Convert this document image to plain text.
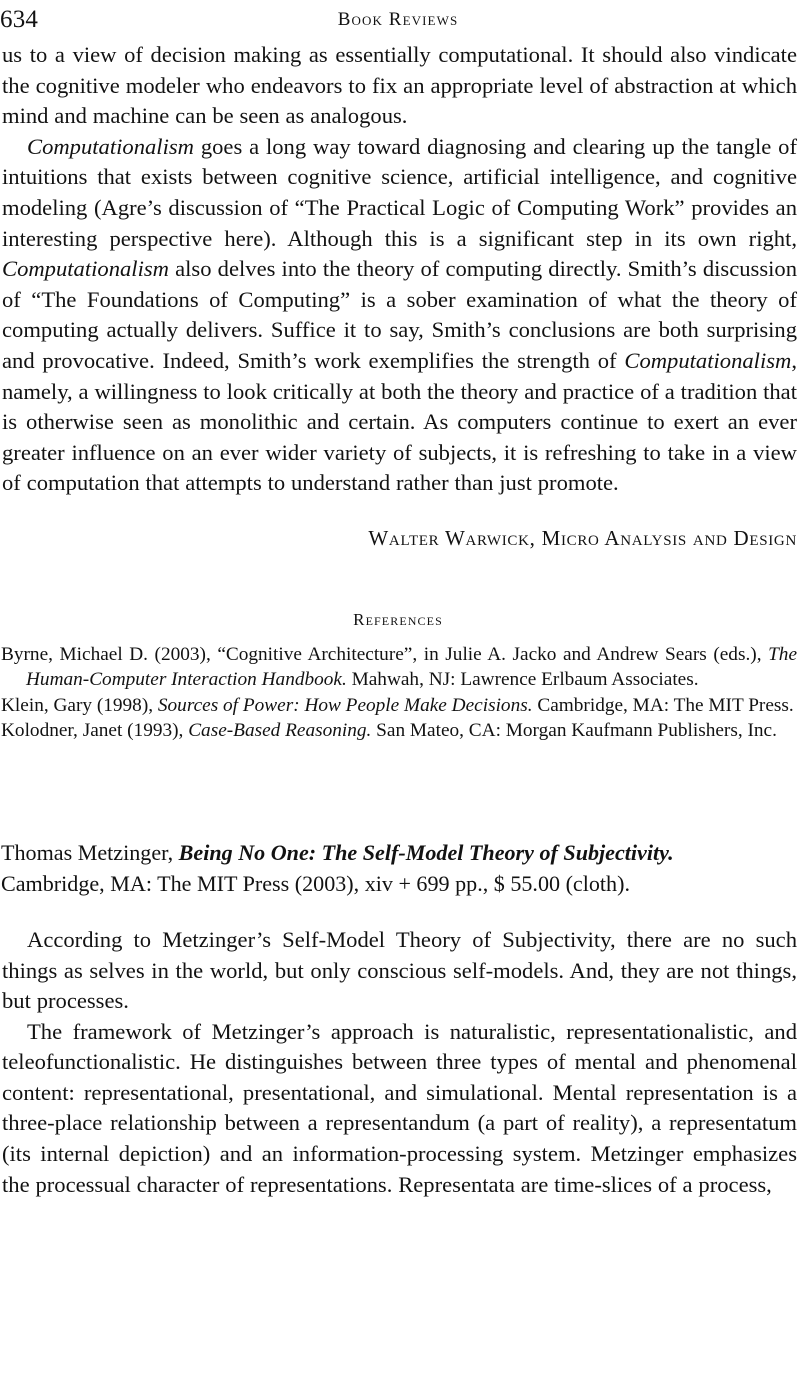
634	Book Reviews

us to a view of decision making as essentially computational. It should also vindicate the cognitive modeler who endeavors to fix an appropriate level of abstraction at which mind and machine can be seen as analogous.

Computationalism goes a long way toward diagnosing and clearing up the tangle of intuitions that exists between cognitive science, artificial intelligence, and cognitive modeling (Agre’s discussion of “The Practical Logic of Computing Work” provides an interesting perspective here). Although this is a significant step in its own right, Computationalism also delves into the theory of computing directly. Smith’s discussion of “The Foundations of Computing” is a sober examination of what the theory of computing actually delivers. Suffice it to say, Smith’s conclusions are both surprising and provocative. Indeed, Smith’s work exemplifies the strength of Computationalism, namely, a willingness to look critically at both the theory and practice of a tradition that is otherwise seen as monolithic and certain. As computers continue to exert an ever greater influence on an ever wider variety of subjects, it is refreshing to take in a view of computation that attempts to understand rather than just promote.

Walter Warwick, Micro Analysis and Design
References

Byrne, Michael D. (2003), “Cognitive Architecture”, in Julie A. Jacko and Andrew Sears (eds.), The Human-Computer Interaction Handbook. Mahwah, NJ: Lawrence Erlbaum Associates.

Klein, Gary (1998), Sources of Power: How People Make Decisions. Cambridge, MA: The MIT Press.

Kolodner, Janet (1993), Case-Based Reasoning. San Mateo, CA: Morgan Kaufmann Publishers, Inc.

Thomas Metzinger, Being No One: The Self-Model Theory of Subjectivity.

Cambridge, MA: The MIT Press (2003), xiv + 699 pp., $ 55.00 (cloth).

According to Metzinger’s Self-Model Theory of Subjectivity, there are no such things as selves in the world, but only conscious self-models. And, they are not things, but processes.

The framework of Metzinger’s approach is naturalistic, representationalistic, and teleofunctionalistic. He distinguishes between three types of mental and phenomenal content: representational, presentational, and simulational. Mental representation is a three-place relationship between a representandum (a part of reality), a representatum (its internal depiction) and an information-processing system. Metzinger emphasizes the processual character of representations. Representata are time-slices of a process,
